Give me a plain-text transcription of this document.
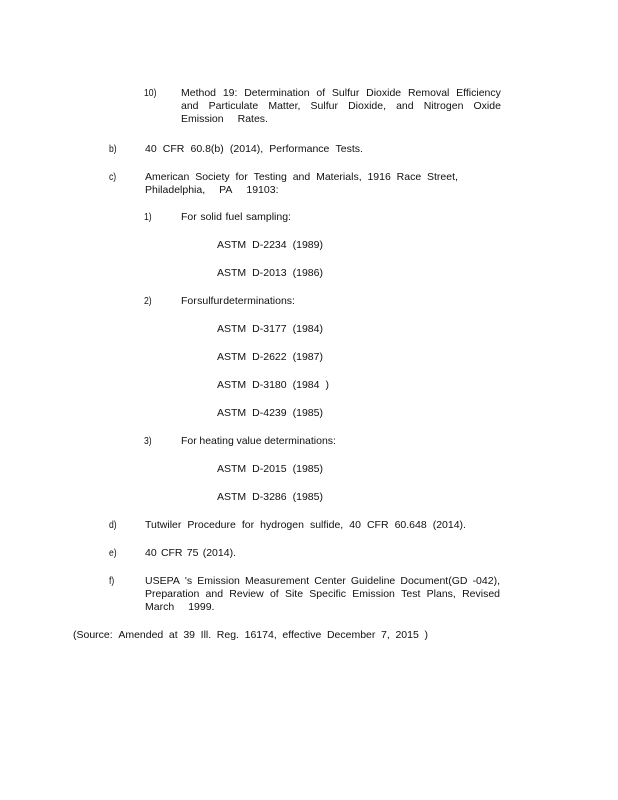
10) Method 19: Determination of Sulfur Dioxide Removal Efficiency
and Particulate Matter, Sulfur Dioxide, and Nitrogen Oxide
Emission Rates.
b)	40 CFR 60.8(b) (2014), Performance Tests.
c)	American Society for Testing and Materials, 1916 Race Street,
Philadelphia, PA 19103:
1)	For solid fuel sampling:
ASTM D-2234 (1989)
ASTM D-2013 (1986)
2)	For sulfur determinations:
ASTM D-3177 (1984)
ASTM D-2622 (1987)
ASTM D-3180 (1984 )
ASTM D-4239 (1985)
3)	For heating value determinations:
ASTM D-2015 (1985)
ASTM D-3286 (1985)
d)	Tutwiler Procedure for hydrogen sulfide, 40 CFR 60.648 (2014).
e)	40 CFR 75 (2014).
f)	USEPA 's Emission Measurement Center Guideline Document(GD -042),
Preparation and Review of Site Specific Emission Test Plans, Revised
March 1999.
(Source: Amended at 39 Ill. Reg. 16174, effective December 7, 2015 )
